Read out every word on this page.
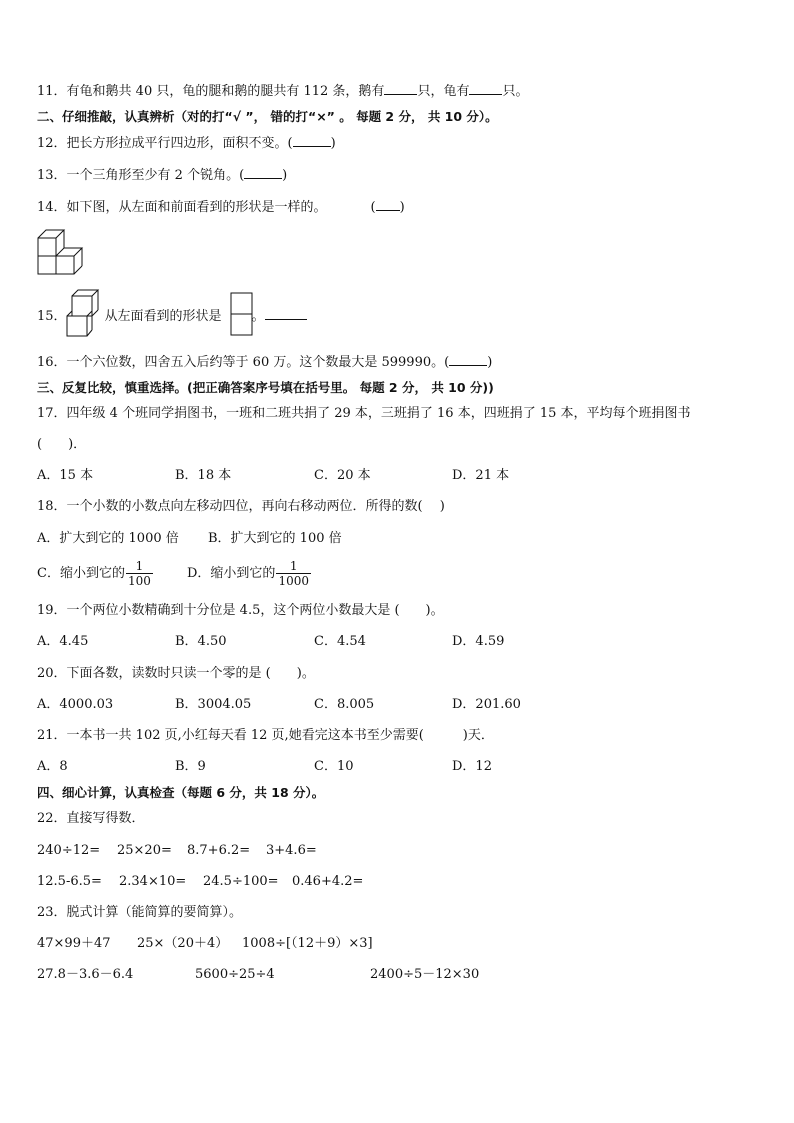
11．有龟和鹅共 40 只，龟的腿和鹅的腿共有 112 条，鹅有	只，龟有	只。
二、仔细推敲，认真辨析（对的打“√ ”， 错的打“×” 。 每题 2 分， 共 10 分）。
12．把长方形拉成平行四边形，面积不变。(	)
13．一个三角形至少有 2 个锐角。(	)
14．如下图，从左面和前面看到的形状是一样的。	( )
15．	从左面看到的形状是 。
16．一个六位数，四舍五入后约等于 60 万。这个数最大是 599990。(	)
三、反复比较，慎重选择。(把正确答案序号填在括号里。 每题 2 分， 共 10 分))
17．四年级 4 个班同学捐图书，一班和二班共捐了 29 本，三班捐了 16 本，四班捐了 15 本，平均每个班捐图书
(　　)．
A．15 本	B．18 本	C．20 本	D．21 本
18．一个小数的小数点向左移动四位，再向右移动两位．所得的数(　 )
A．扩大到它的 1000 倍 B．扩大到它的 100 倍
C．缩小到它的 $\frac{1}{100}$	D．缩小到它的 $\frac{1}{1000}$
19．一个两位小数精确到十分位是 4.5，这个两位小数最大是 (　　)。
A．4.45	B．4.50	C．4.54	D．4.59
20．下面各数，读数时只读一个零的是 (　　)。
A．4000.03	B．3004.05	C．8.005	D．201.60
21．一本书一共 102 页,小红每天看 12 页,她看完这本书至少需要(　　　)天．
A．8	B．9	C．10	D．12
四、细心计算，认真检查（每题 6 分，共 18 分）。
22．直接写得数．
240÷12= 25×20= 8.7+6.2= 3+4.6=
12.5-6.5= 2.34×10= 24.5÷100= 0.46+4.2=
23．脱式计算（能简算的要简算）。
47×99＋47 25×（20＋4） 1008÷[（12＋9）×3]
27.8－3.6－6.4	5600÷25÷4	2400÷5－12×30
